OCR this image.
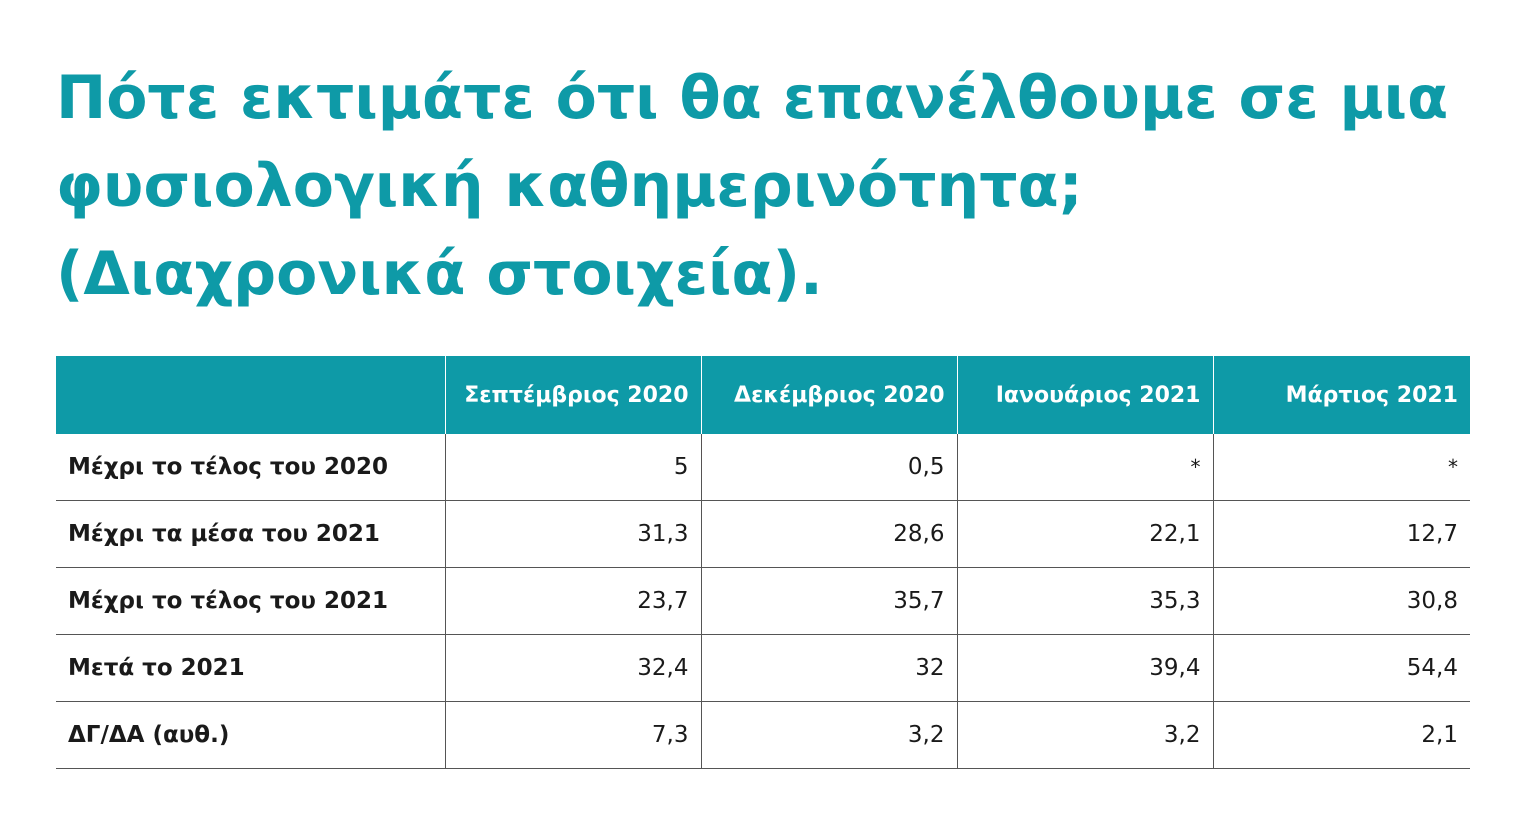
Πότε εκτιμάτε ότι θα επανέλθουμε σε μια
φυσιολογική καθημερινότητα;
(Διαχρονικά στοιχεία).
	Σεπτέμβριος 2020	Δεκέμβριος 2020	Ιανουάριος 2021	Μάρτιος 2021
Μέχρι το τέλος του 2020	5	0,5	*	*
Μέχρι τα μέσα του 2021	31,3	28,6	22,1	12,7
Μέχρι το τέλος του 2021	23,7	35,7	35,3	30,8
Μετά το 2021	32,4	32	39,4	54,4
ΔΓ/ΔΑ (αυθ.)	7,3	3,2	3,2	2,1
